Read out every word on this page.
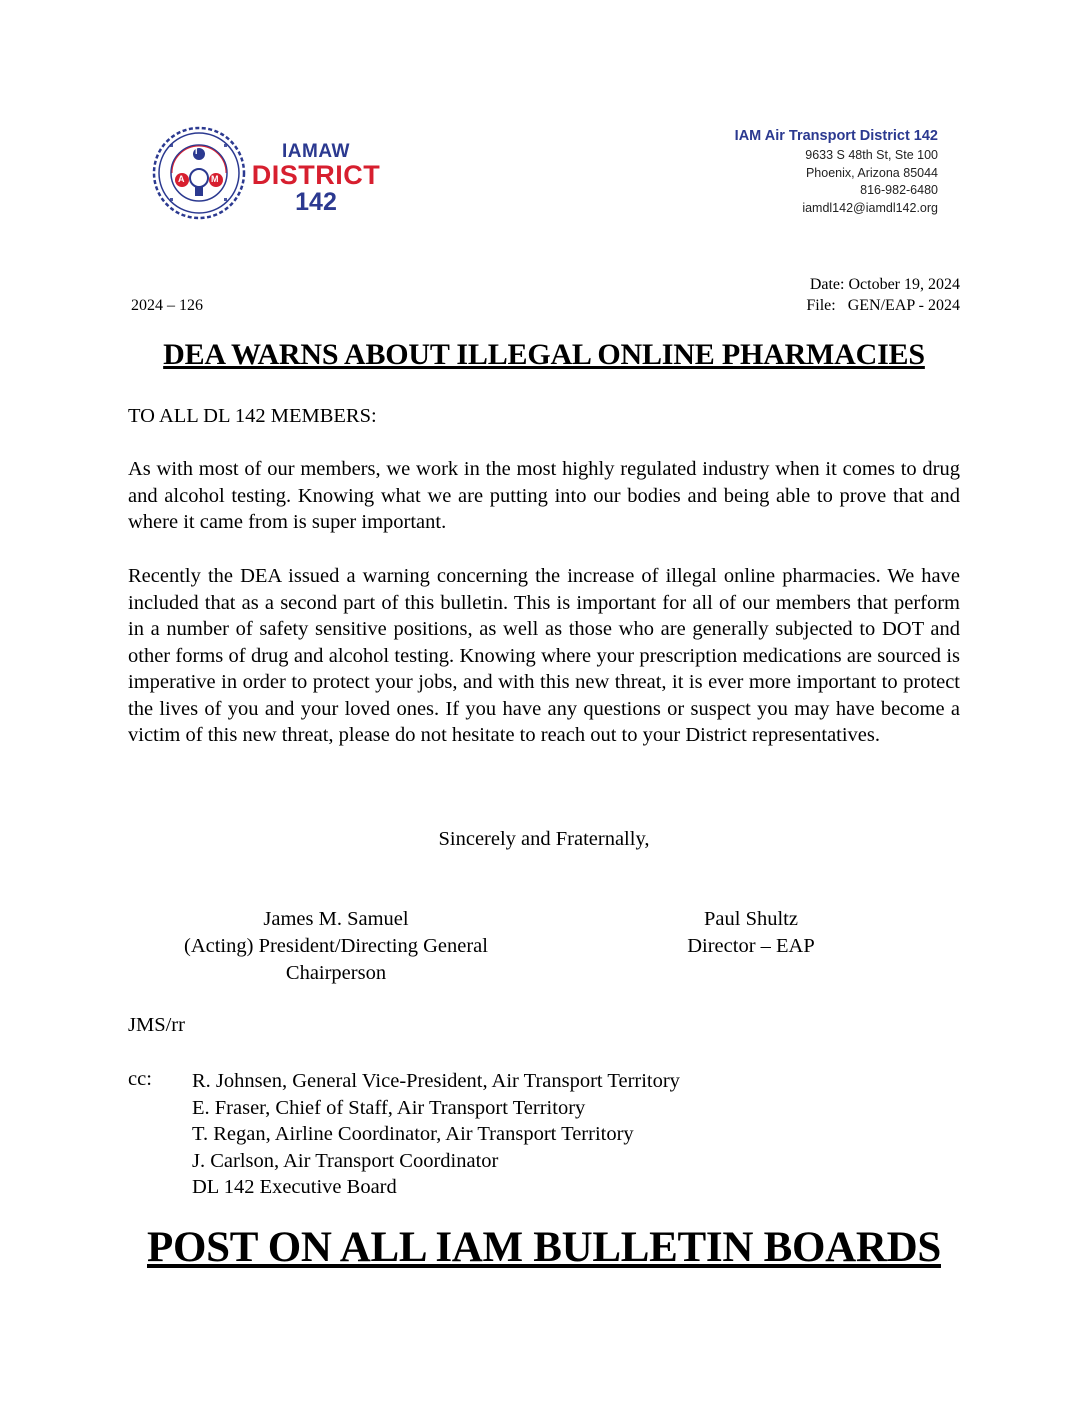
I
A	M
IAMAW
DISTRICT
142
IAM Air Transport District 142
9633 S 48th St, Ste 100
Phoenix, Arizona 85044
816-982-6480
iamdl142@iamdl142.org
2024 – 126
Date: October 19, 2024
File:   GEN/EAP - 2024
DEA WARNS ABOUT ILLEGAL ONLINE PHARMACIES
TO ALL DL 142 MEMBERS:
As with most of our members, we work in the most highly regulated industry when it comes to drug and alcohol testing. Knowing what we are putting into our bodies and being able to prove that and where it came from is super important.
Recently the DEA issued a warning concerning the increase of illegal online pharmacies. We have included that as a second part of this bulletin. This is important for all of our members that perform in a number of safety sensitive positions, as well as those who are generally subjected to DOT and other forms of drug and alcohol testing. Knowing where your prescription medications are sourced is imperative in order to protect your jobs, and with this new threat, it is ever more important to protect the lives of you and your loved ones. If you have any questions or suspect you may have become a victim of this new threat, please do not hesitate to reach out to your District representatives.
Sincerely and Fraternally,
James M. Samuel
(Acting) President/Directing General
Chairperson
Paul Shultz
Director – EAP
JMS/rr
cc: R. Johnsen, General Vice-President, Air Transport Territory
E. Fraser, Chief of Staff, Air Transport Territory
T. Regan, Airline Coordinator, Air Transport Territory
J. Carlson, Air Transport Coordinator
DL 142 Executive Board
POST ON ALL IAM BULLETIN BOARDS
